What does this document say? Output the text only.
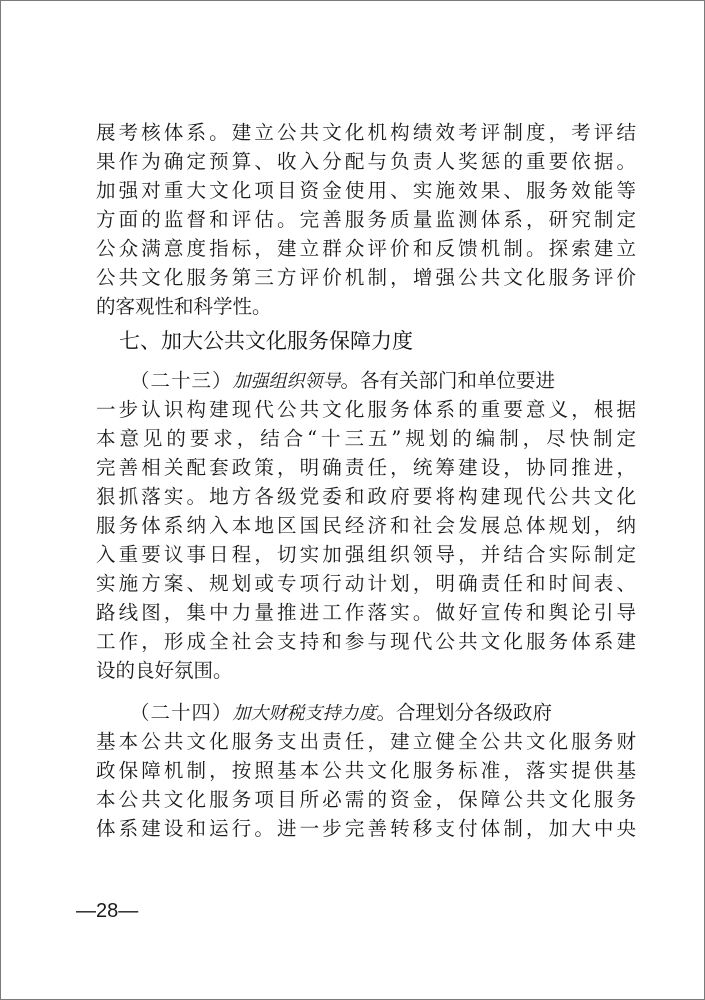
展考核体系。建立公共文化机构绩效考评制度，考评结
果作为确定预算、收入分配与负责人奖惩的重要依据。
加强对重大文化项目资金使用、实施效果、服务效能等
方面的监督和评估。完善服务质量监测体系，研究制定
公众满意度指标，建立群众评价和反馈机制。探索建立
公共文化服务第三方评价机制，增强公共文化服务评价
的客观性和科学性。
七、加大公共文化服务保障力度
（二十三）加强组织领导。各有关部门和单位要进
一步认识构建现代公共文化服务体系的重要意义，根据
本意见的要求，结合“十三五”规划的编制，尽快制定
完善相关配套政策，明确责任，统筹建设，协同推进，
狠抓落实。地方各级党委和政府要将构建现代公共文化
服务体系纳入本地区国民经济和社会发展总体规划，纳
入重要议事日程，切实加强组织领导，并结合实际制定
实施方案、规划或专项行动计划，明确责任和时间表、
路线图，集中力量推进工作落实。做好宣传和舆论引导
工作，形成全社会支持和参与现代公共文化服务体系建
设的良好氛围。
（二十四）加大财税支持力度。合理划分各级政府
基本公共文化服务支出责任，建立健全公共文化服务财
政保障机制，按照基本公共文化服务标准，落实提供基
本公共文化服务项目所必需的资金，保障公共文化服务
体系建设和运行。进一步完善转移支付体制，加大中央
—28—
